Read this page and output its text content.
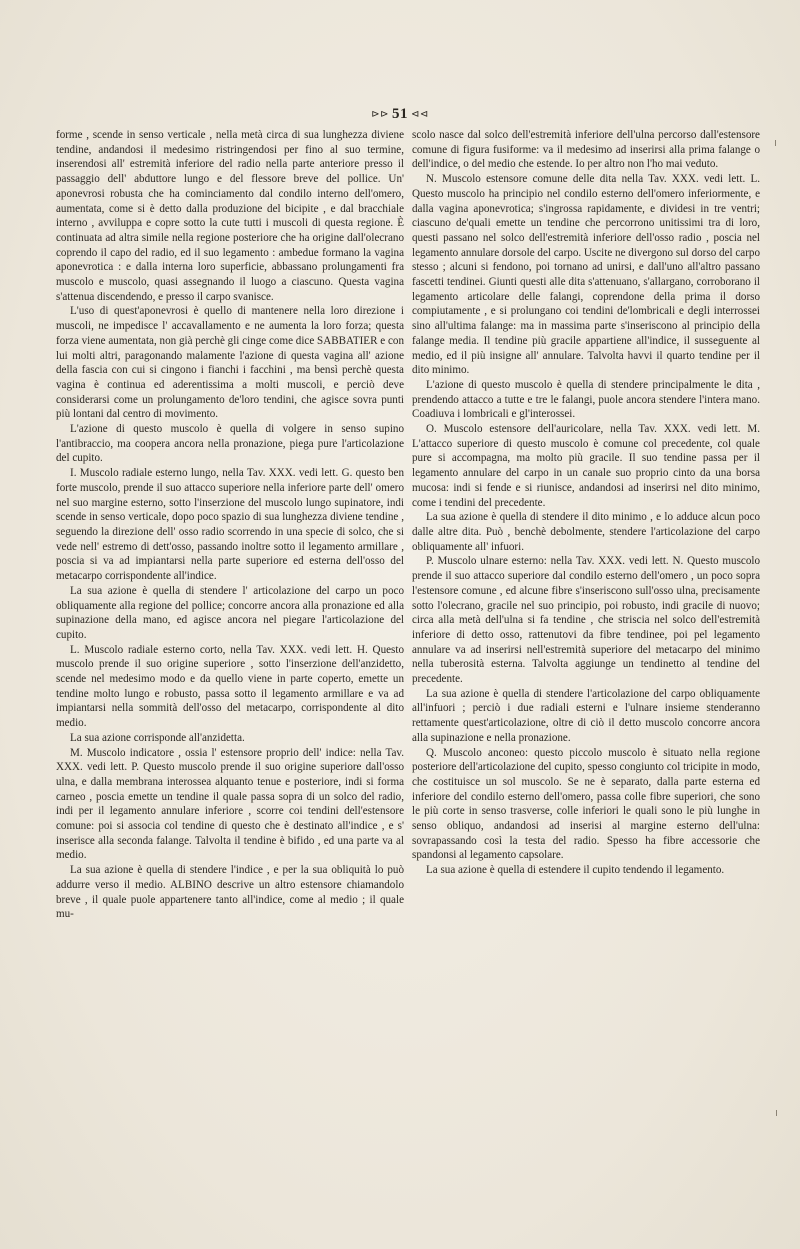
⊳⊳ 51 ⊲⊲

forme , scende in senso verticale , nella metà circa di sua lunghezza diviene tendine, andandosi il medesimo ristringendosi per fino al suo termine, inserendosi all' estremità inferiore del radio nella parte anteriore presso il passaggio dell' abduttore lungo e del flessore breve del pollice. Un' aponevrosi robusta che ha cominciamento dal condilo interno dell'omero, aumentata, come si è detto dalla produzione del bicipite , e dal bracchiale interno , avviluppa e copre sotto la cute tutti i muscoli di questa regione. È continuata ad altra simile nella regione posteriore che ha origine dall'olecrano coprendo il capo del radio, ed il suo legamento : ambedue formano la vagina aponevrotica : e dalla interna loro superficie, abbassano prolungamenti fra muscolo e muscolo, quasi assegnando il luogo a ciascuno. Questa vagina s'attenua discendendo, e presso il carpo svanisce.

L'uso di quest'aponevrosi è quello di mantenere nella loro direzione i muscoli, ne impedisce l' accavallamento e ne aumenta la loro forza; questa forza viene aumentata, non già perchè gli cinge come dice SABBATIER e con lui molti altri, paragonando malamente l'azione di questa vagina all' azione della fascia con cui si cingono i fianchi i facchini , ma bensì perchè questa vagina è continua ed aderentissima a molti muscoli, e perciò deve considerarsi come un prolungamento de'loro tendini, che agisce sovra punti più lontani dal centro di movimento.

L'azione di questo muscolo è quella di volgere in senso supino l'antibraccio, ma coopera ancora nella pronazione, piega pure l'articolazione del cupito.

I. Muscolo radiale esterno lungo, nella Tav. XXX. vedi lett. G. questo ben forte muscolo, prende il suo attacco superiore nella inferiore parte dell' omero nel suo margine esterno, sotto l'inserzione del muscolo lungo supinatore, indi scende in senso verticale, dopo poco spazio di sua lunghezza diviene tendine , seguendo la direzione dell' osso radio scorrendo in una specie di solco, che si vede nell' estremo di dett'osso, passando inoltre sotto il legamento armillare , poscia si va ad impiantarsi nella parte superiore ed esterna dell'osso del metacarpo corrispondente all'indice.

La sua azione è quella di stendere l' articolazione del carpo un poco obliquamente alla regione del pollice; concorre ancora alla pronazione ed alla supinazione della mano, ed agisce ancora nel piegare l'articolazione del cupito.

L. Muscolo radiale esterno corto, nella Tav. XXX. vedi lett. H. Questo muscolo prende il suo origine superiore , sotto l'inserzione dell'anzidetto, scende nel medesimo modo e da quello viene in parte coperto, emette un tendine molto lungo e robusto, passa sotto il legamento armillare e va ad impiantarsi nella sommità dell'osso del metacarpo, corrispondente al dito medio.

La sua azione corrisponde all'anzidetta.

M. Muscolo indicatore , ossia l' estensore proprio dell' indice: nella Tav. XXX. vedi lett. P. Questo muscolo prende il suo origine superiore dall'osso ulna, e dalla membrana interossea alquanto tenue e posteriore, indi si forma carneo , poscia emette un tendine il quale passa sopra di un solco del radio, indi per il legamento annulare inferiore , scorre coi tendini dell'estensore comune: poi si associa col tendine di questo che è destinato all'indice , e s' inserisce alla seconda falange. Talvolta il tendine è bifido , ed una parte va al medio.

La sua azione è quella di stendere l'indice , e per la sua obliquità lo può addurre verso il medio. ALBINO descrive un altro estensore chiamandolo breve , il quale puole appartenere tanto all'indice, come al medio ; il quale mu-

scolo nasce dal solco dell'estremità inferiore dell'ulna percorso dall'estensore comune di figura fusiforme: va il medesimo ad inserirsi alla prima falange o dell'indice, o del medio che estende. Io per altro non l'ho mai veduto.

N. Muscolo estensore comune delle dita nella Tav. XXX. vedi lett. L. Questo muscolo ha principio nel condilo esterno dell'omero inferiormente, e dalla vagina aponevrotica; s'ingrossa rapidamente, e dividesi in tre ventri; ciascuno de'quali emette un tendine che percorrono unitissimi tra di loro, questi passano nel solco dell'estremità inferiore dell'osso radio , poscia nel legamento annulare dorsole del carpo. Uscite ne divergono sul dorso del carpo stesso ; alcuni si fendono, poi tornano ad unirsi, e dall'uno all'altro passano fascetti tendinei. Giunti questi alle dita s'attenuano, s'allargano, corroborano il legamento articolare delle falangi, coprendone della prima il dorso compiutamente , e si prolungano coi tendini de'lombricali e degli interrossei sino all'ultima falange: ma in massima parte s'inseriscono al principio della falange media. Il tendine più gracile appartiene all'indice, il susseguente al medio, ed il più insigne all' annulare. Talvolta havvi il quarto tendine per il dito minimo.

L'azione di questo muscolo è quella di stendere principalmente le dita , prendendo attacco a tutte e tre le falangi, puole ancora stendere l'intera mano. Coadiuva i lombricali e gl'interossei.

O. Muscolo estensore dell'auricolare, nella Tav. XXX. vedi lett. M. L'attacco superiore di questo muscolo è comune col precedente, col quale pure si accompagna, ma molto più gracile. Il suo tendine passa per il legamento annulare del carpo in un canale suo proprio cinto da una borsa mucosa: indi si fende e si riunisce, andandosi ad inserirsi nel dito minimo, come i tendini del precedente.

La sua azione è quella di stendere il dito minimo , e lo adduce alcun poco dalle altre dita. Può , benchè debolmente, stendere l'articolazione del carpo obliquamente all' infuori.

P. Muscolo ulnare esterno: nella Tav. XXX. vedi lett. N. Questo muscolo prende il suo attacco superiore dal condilo esterno dell'omero , un poco sopra l'estensore comune , ed alcune fibre s'inseriscono sull'osso ulna, precisamente sotto l'olecrano, gracile nel suo principio, poi robusto, indi gracile di nuovo; circa alla metà dell'ulna si fa tendine , che striscia nel solco dell'estremità inferiore di detto osso, rattenutovi da fibre tendinee, poi pel legamento annulare va ad inserirsi nell'estremità superiore del metacarpo del minimo nella tuberosità esterna. Talvolta aggiunge un tendinetto al tendine del precedente.

La sua azione è quella di stendere l'articolazione del carpo obliquamente all'infuori ; perciò i due radiali esterni e l'ulnare insieme stenderanno rettamente quest'articolazione, oltre di ciò il detto muscolo concorre ancora alla supinazione e nella pronazione.

Q. Muscolo anconeo: questo piccolo muscolo è situato nella regione posteriore dell'articolazione del cupito, spesso congiunto col tricipite in modo, che costituisce un sol muscolo. Se ne è separato, dalla parte esterna ed inferiore del condilo esterno dell'omero, passa colle fibre superiori, che sono le più corte in senso trasverse, colle inferiori le quali sono le più lunghe in senso obliquo, andandosi ad inserisi al margine esterno dell'ulna: sovrapassando così la testa del radio. Spesso ha fibre accessorie che spandonsi al legamento capsolare.

La sua azione è quella di estendere il cupito tendendo il legamento.
